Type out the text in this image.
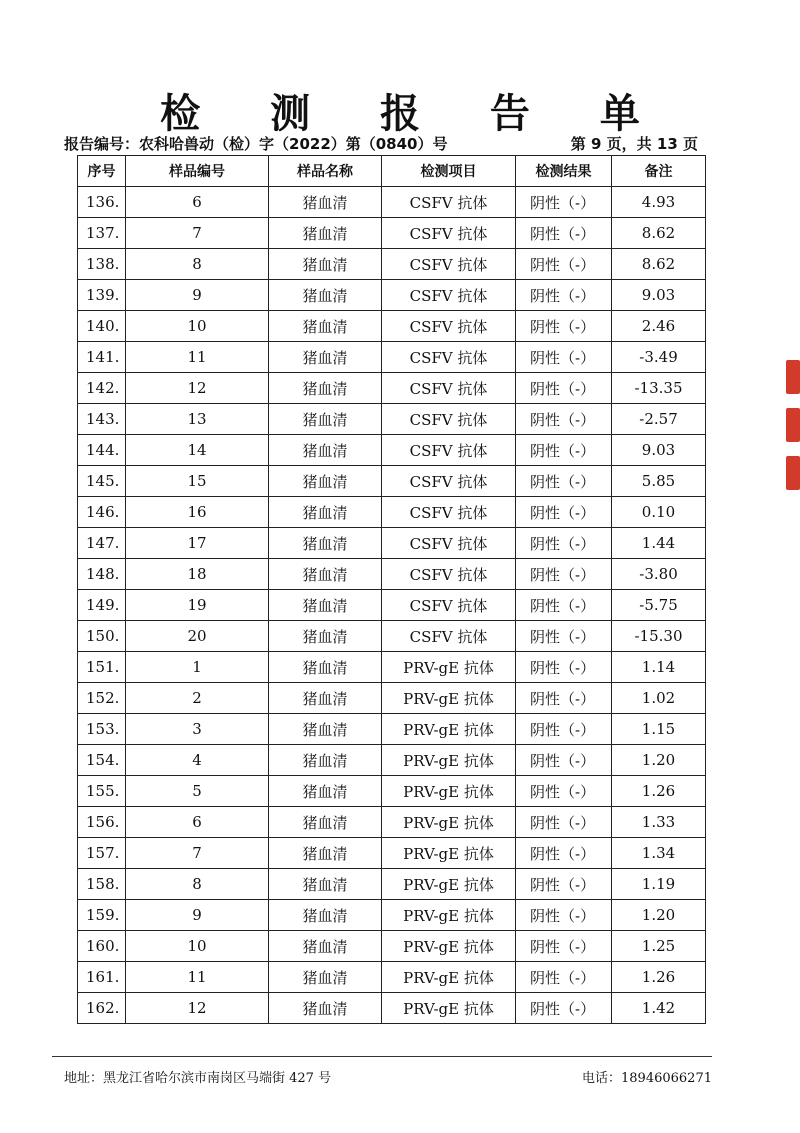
检 测 报 告 单
报告编号：农科哈兽动（检）字（2022）第（0840）号	第 9 页，共 13 页
序号	样品编号	样品名称	检测项目	检测结果	备注
136.	6	猪血清	CSFV 抗体	阴性（-）	4.93
137.	7	猪血清	CSFV 抗体	阴性（-）	8.62
138.	8	猪血清	CSFV 抗体	阴性（-）	8.62
139.	9	猪血清	CSFV 抗体	阴性（-）	9.03
140.	10	猪血清	CSFV 抗体	阴性（-）	2.46
141.	11	猪血清	CSFV 抗体	阴性（-）	-3.49
142.	12	猪血清	CSFV 抗体	阴性（-）	-13.35
143.	13	猪血清	CSFV 抗体	阴性（-）	-2.57
144.	14	猪血清	CSFV 抗体	阴性（-）	9.03
145.	15	猪血清	CSFV 抗体	阴性（-）	5.85
146.	16	猪血清	CSFV 抗体	阴性（-）	0.10
147.	17	猪血清	CSFV 抗体	阴性（-）	1.44
148.	18	猪血清	CSFV 抗体	阴性（-）	-3.80
149.	19	猪血清	CSFV 抗体	阴性（-）	-5.75
150.	20	猪血清	CSFV 抗体	阴性（-）	-15.30
151.	1	猪血清	PRV-gE 抗体	阴性（-）	1.14
152.	2	猪血清	PRV-gE 抗体	阴性（-）	1.02
153.	3	猪血清	PRV-gE 抗体	阴性（-）	1.15
154.	4	猪血清	PRV-gE 抗体	阴性（-）	1.20
155.	5	猪血清	PRV-gE 抗体	阴性（-）	1.26
156.	6	猪血清	PRV-gE 抗体	阴性（-）	1.33
157.	7	猪血清	PRV-gE 抗体	阴性（-）	1.34
158.	8	猪血清	PRV-gE 抗体	阴性（-）	1.19
159.	9	猪血清	PRV-gE 抗体	阴性（-）	1.20
160.	10	猪血清	PRV-gE 抗体	阴性（-）	1.25
161.	11	猪血清	PRV-gE 抗体	阴性（-）	1.26
162.	12	猪血清	PRV-gE 抗体	阴性（-）	1.42
地址：黑龙江省哈尔滨市南岗区马端街 427 号	电话：18946066271
